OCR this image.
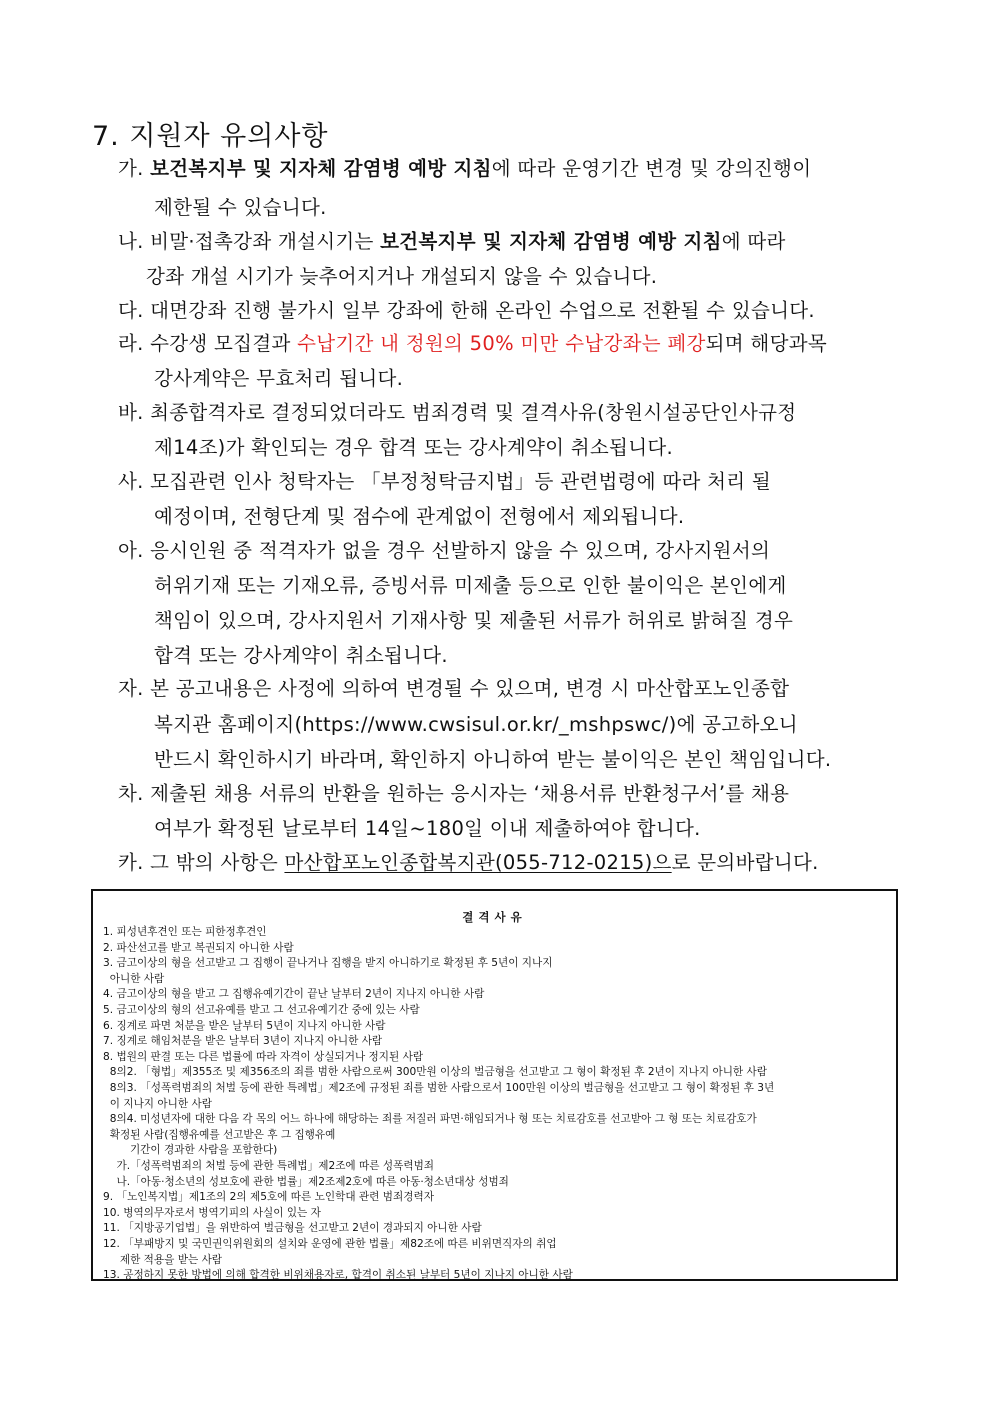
7. 지원자 유의사항
가. 보건복지부 및 지자체 감염병 예방 지침에 따라 운영기간 변경 및 강의진행이
제한될 수 있습니다.
나. 비말·접촉강좌 개설시기는 보건복지부 및 지자체 감염병 예방 지침에 따라
강좌 개설 시기가 늦추어지거나 개설되지 않을 수 있습니다.
다. 대면강좌 진행 불가시 일부 강좌에 한해 온라인 수업으로 전환될 수 있습니다.
라. 수강생 모집결과 수납기간 내 정원의 50% 미만 수납강좌는 폐강되며 해당과목
강사계약은 무효처리 됩니다.
바. 최종합격자로 결정되었더라도 범죄경력 및 결격사유(창원시설공단인사규정
제14조)가 확인되는 경우 합격 또는 강사계약이 취소됩니다.
사. 모집관련 인사 청탁자는 「부정청탁금지법」등 관련법령에 따라 처리 될
예정이며, 전형단계 및 점수에 관계없이 전형에서 제외됩니다.
아. 응시인원 중 적격자가 없을 경우 선발하지 않을 수 있으며, 강사지원서의
허위기재 또는 기재오류, 증빙서류 미제출 등으로 인한 불이익은 본인에게
책임이 있으며, 강사지원서 기재사항 및 제출된 서류가 허위로 밝혀질 경우
합격 또는 강사계약이 취소됩니다.
자. 본 공고내용은 사정에 의하여 변경될 수 있으며, 변경 시 마산합포노인종합
복지관 홈페이지(https://www.cwsisul.or.kr/_mshpswc/)에 공고하오니
반드시 확인하시기 바라며, 확인하지 아니하여 받는 불이익은 본인 책임입니다.
차. 제출된 채용 서류의 반환을 원하는 응시자는 ‘채용서류 반환청구서’를 채용
여부가 확정된 날로부터 14일~180일 이내 제출하여야 합니다.
카. 그 밖의 사항은 마산합포노인종합복지관(055-712-0215)으로 문의바랍니다.
결격사유
1. 피성년후견인 또는 피한정후견인
2. 파산선고를 받고 복권되지 아니한 사람
3. 금고이상의 형을 선고받고 그 집행이 끝나거나 집행을 받지 아니하기로 확정된 후 5년이 지나지
아니한 사람
4. 금고이상의 형을 받고 그 집행유예기간이 끝난 날부터 2년이 지나지 아니한 사람
5. 금고이상의 형의 선고유예를 받고 그 선고유예기간 중에 있는 사람
6. 징계로 파면 처분을 받은 날부터 5년이 지나지 아니한 사람
7. 징계로 해임처분을 받은 날부터 3년이 지나지 아니한 사람
8. 법원의 판결 또는 다른 법률에 따라 자격이 상실되거나 정지된 사람
8의2. 「형법」제355조 및 제356조의 죄를 범한 사람으로써 300만원 이상의 벌금형을 선고받고 그 형이 확정된 후 2년이 지나지 아니한 사람
8의3. 「성폭력범죄의 처벌 등에 관한 특례법」제2조에 규정된 죄를 범한 사람으로서 100만원 이상의 벌금형을 선고받고 그 형이 확정된 후 3년
이 지나지 아니한 사람
8의4. 미성년자에 대한 다음 각 목의 어느 하나에 해당하는 죄를 저질러 파면·해임되거나 형 또는 치료감호를 선고받아 그 형 또는 치료감호가
확정된 사람(집행유예를 선고받은 후 그 집행유예
기간이 경과한 사람을 포함한다)
가.「성폭력범죄의 처벌 등에 관한 특례법」제2조에 따른 성폭력범죄
나.「아동·청소년의 성보호에 관한 법률」제2조제2호에 따른 아동·청소년대상 성범죄
9. 「노인복지법」제1조의 2의 제5호에 따른 노인학대 관련 범죄경력자
10. 병역의무자로서 병역기피의 사실이 있는 자
11. 「지방공기업법」을 위반하여 벌금형을 선고받고 2년이 경과되지 아니한 사람
12. 「부패방지 및 국민권익위원회의 설치와 운영에 관한 법률」제82조에 따른 비위면직자의 취업
제한 적용을 받는 사람
13. 공정하지 못한 방법에 의해 합격한 비위채용자로, 합격이 취소된 날부터 5년이 지나지 아니한 사람
